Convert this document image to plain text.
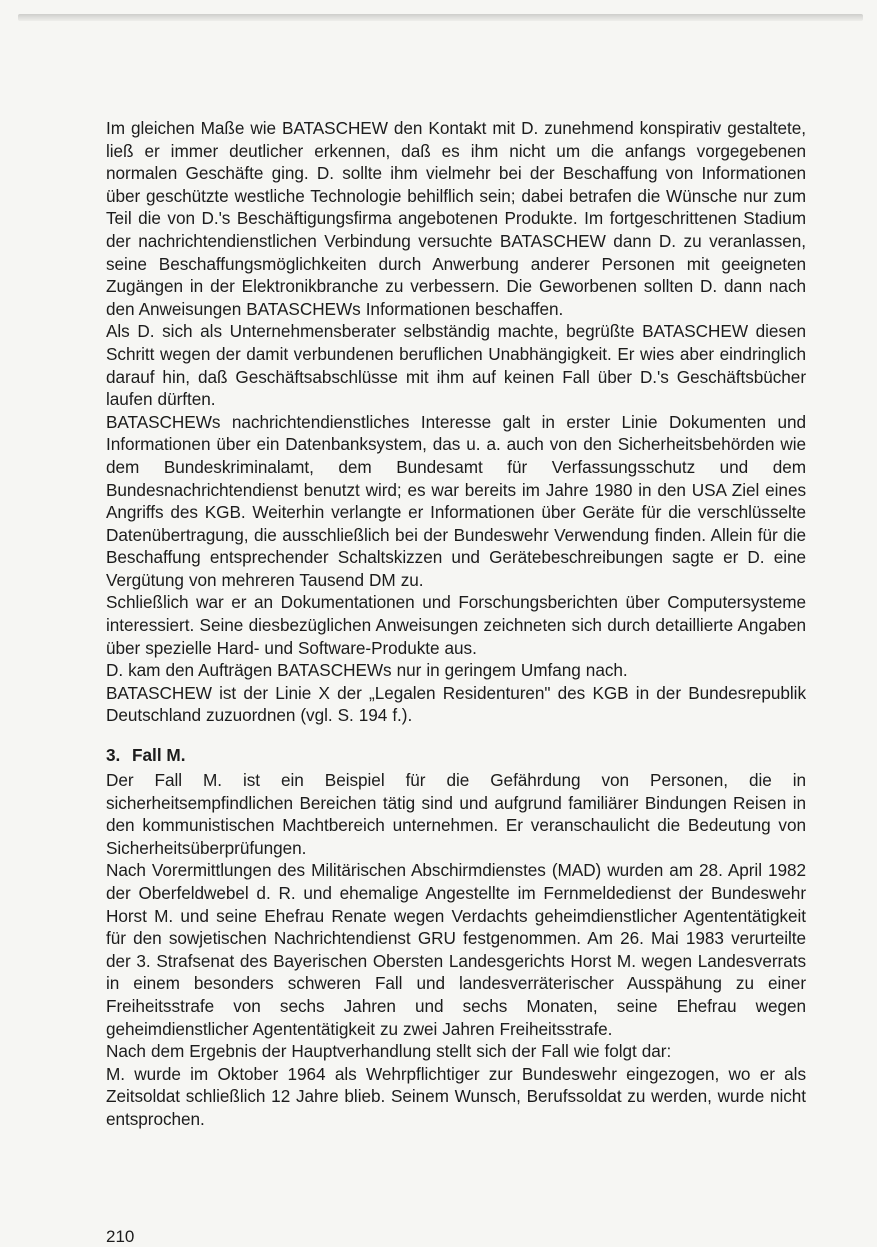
Im gleichen Maße wie BATASCHEW den Kontakt mit D. zunehmend konspirativ gestaltete, ließ er immer deutlicher erkennen, daß es ihm nicht um die anfangs vorgegebenen normalen Geschäfte ging. D. sollte ihm vielmehr bei der Beschaffung von Informationen über geschützte westliche Technologie behilflich sein; dabei betrafen die Wünsche nur zum Teil die von D.'s Beschäftigungsfirma angebotenen Produkte. Im fortgeschrittenen Stadium der nachrichtendienstlichen Verbindung versuchte BATASCHEW dann D. zu veranlassen, seine Beschaffungsmöglichkeiten durch Anwerbung anderer Personen mit geeigneten Zugängen in der Elektronikbranche zu verbessern. Die Geworbenen sollten D. dann nach den Anweisungen BATASCHEWs Informationen beschaffen.

Als D. sich als Unternehmensberater selbständig machte, begrüßte BATASCHEW diesen Schritt wegen der damit verbundenen beruflichen Unabhängigkeit. Er wies aber eindringlich darauf hin, daß Geschäftsabschlüsse mit ihm auf keinen Fall über D.'s Geschäftsbücher laufen dürften.

BATASCHEWs nachrichtendienstliches Interesse galt in erster Linie Dokumenten und Informationen über ein Datenbanksystem, das u. a. auch von den Sicherheitsbehörden wie dem Bundeskriminalamt, dem Bundesamt für Verfassungsschutz und dem Bundesnachrichtendienst benutzt wird; es war bereits im Jahre 1980 in den USA Ziel eines Angriffs des KGB. Weiterhin verlangte er Informationen über Geräte für die verschlüsselte Datenübertragung, die ausschließlich bei der Bundeswehr Verwendung finden. Allein für die Beschaffung entsprechender Schaltskizzen und Gerätebeschreibungen sagte er D. eine Vergütung von mehreren Tausend DM zu.

Schließlich war er an Dokumentationen und Forschungsberichten über Computersysteme interessiert. Seine diesbezüglichen Anweisungen zeichneten sich durch detaillierte Angaben über spezielle Hard- und Software-Produkte aus.

D. kam den Aufträgen BATASCHEWs nur in geringem Umfang nach.

BATASCHEW ist der Linie X der „Legalen Residenturen" des KGB in der Bundesrepublik Deutschland zuzuordnen (vgl. S. 194 f.).

3. Fall M.

Der Fall M. ist ein Beispiel für die Gefährdung von Personen, die in sicherheitsempfindlichen Bereichen tätig sind und aufgrund familiärer Bindungen Reisen in den kommunistischen Machtbereich unternehmen. Er veranschaulicht die Bedeutung von Sicherheitsüberprüfungen.

Nach Vorermittlungen des Militärischen Abschirmdienstes (MAD) wurden am 28. April 1982 der Oberfeldwebel d. R. und ehemalige Angestellte im Fernmeldedienst der Bundeswehr Horst M. und seine Ehefrau Renate wegen Verdachts geheimdienstlicher Agententätigkeit für den sowjetischen Nachrichtendienst GRU festgenommen. Am 26. Mai 1983 verurteilte der 3. Strafsenat des Bayerischen Obersten Landesgerichts Horst M. wegen Landesverrats in einem besonders schweren Fall und landesverräterischer Ausspähung zu einer Freiheitsstrafe von sechs Jahren und sechs Monaten, seine Ehefrau wegen geheimdienstlicher Agententätigkeit zu zwei Jahren Freiheitsstrafe.

Nach dem Ergebnis der Hauptverhandlung stellt sich der Fall wie folgt dar:

M. wurde im Oktober 1964 als Wehrpflichtiger zur Bundeswehr eingezogen, wo er als Zeitsoldat schließlich 12 Jahre blieb. Seinem Wunsch, Berufssoldat zu werden, wurde nicht entsprochen.

210
